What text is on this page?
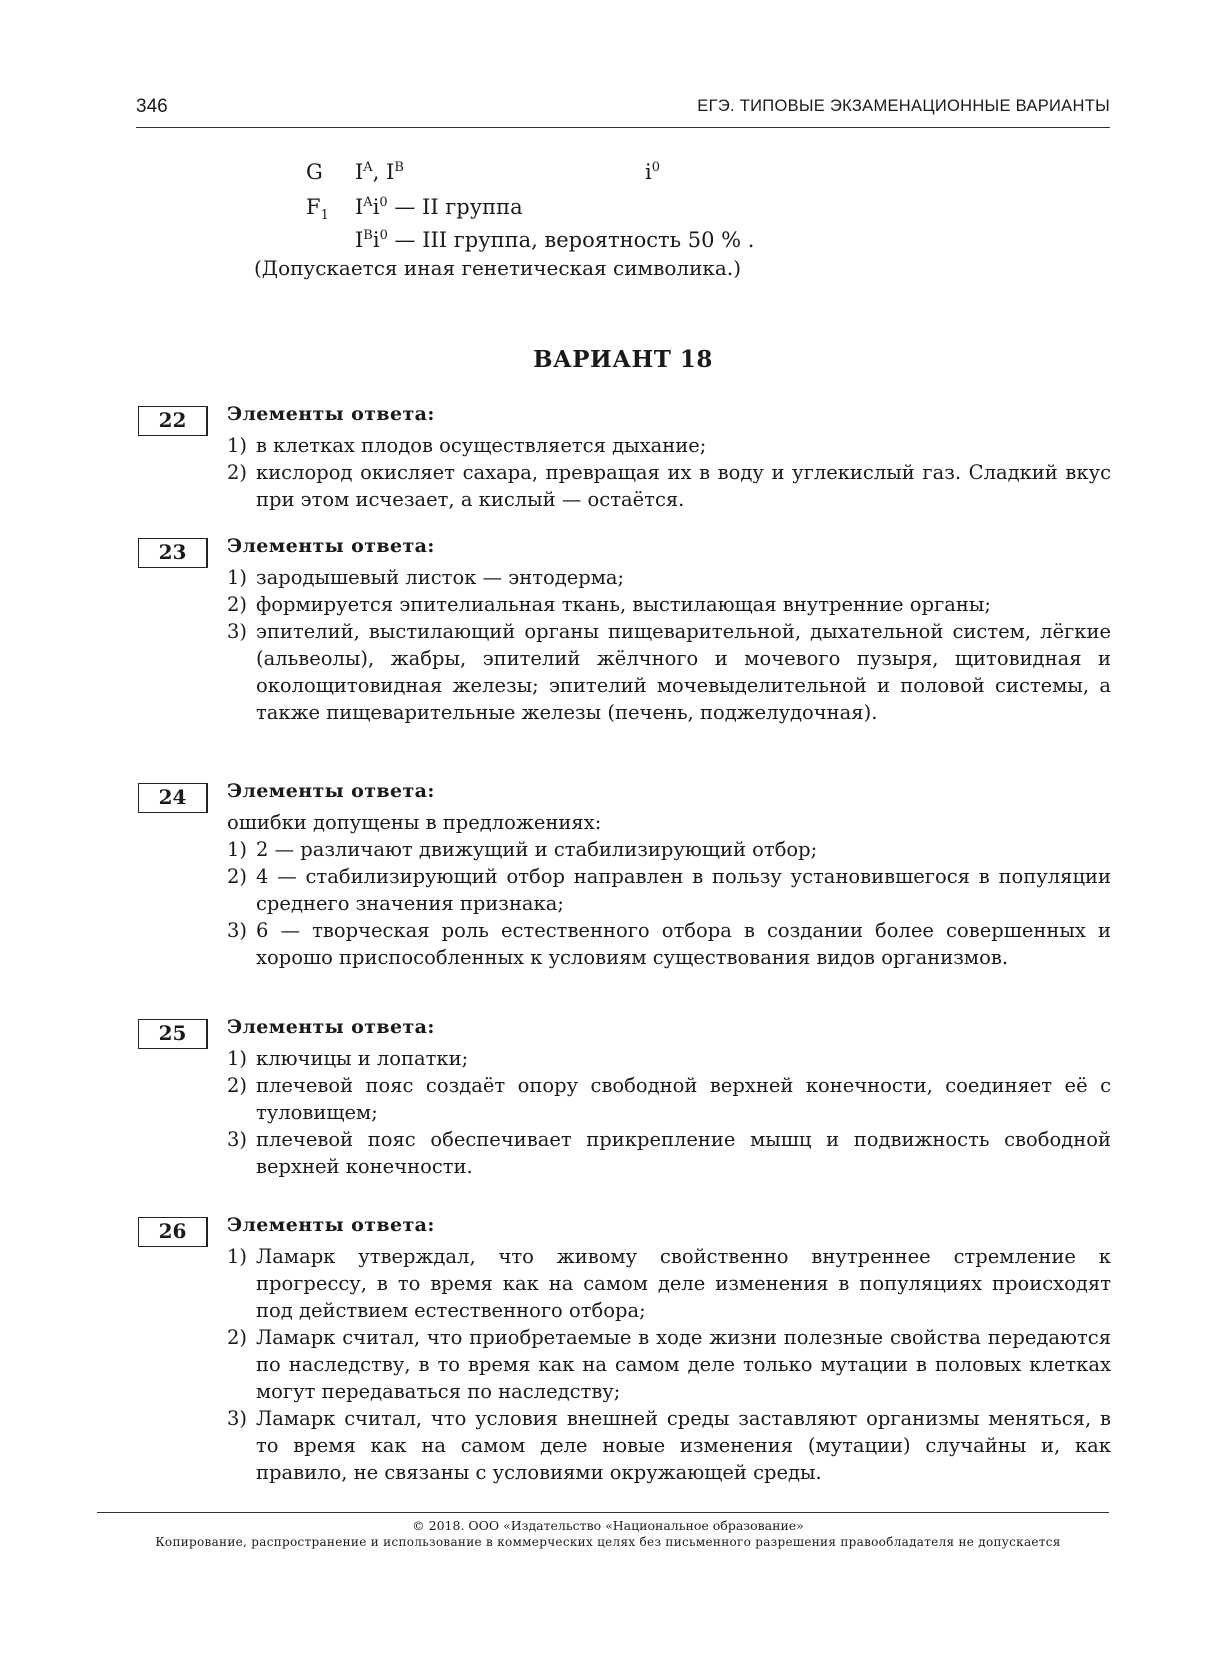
346	ЕГЭ. ТИПОВЫЕ ЭКЗАМЕНАЦИОННЫЕ ВАРИАНТЫ
G $I^A$, $I^B$	$i^0$
$F_1$ $I^Ai^0$ — II группа
$I^Bi^0$ — III группа, вероятность 50 % .
(Допускается иная генетическая символика.)
ВАРИАНТ 18
22	Элементы ответа:
1) в клетках плодов осуществляется дыхание;
2) кислород окисляет сахара, превращая их в воду и углекислый газ. Сладкий вкус при этом исчезает, а кислый — остаётся.
23	Элементы ответа:
1) зародышевый листок — энтодерма;
2) формируется эпителиальная ткань, выстилающая внутренние органы;
3) эпителий, выстилающий органы пищеварительной, дыхательной систем, лёгкие (альвеолы), жабры, эпителий жёлчного и мочевого пузыря, щитовидная и околощитовидная железы; эпителий мочевыделительной и половой системы, а также пищеварительные железы (печень, поджелудочная).
24	Элементы ответа:
ошибки допущены в предложениях:
1) 2 — различают движущий и стабилизирующий отбор;
2) 4 — стабилизирующий отбор направлен в пользу установившегося в популяции среднего значения признака;
3) 6 — творческая роль естественного отбора в создании более совершенных и хорошо приспособленных к условиям существования видов организмов.
25	Элементы ответа:
1) ключицы и лопатки;
2) плечевой пояс создаёт опору свободной верхней конечности, соединяет её с туловищем;
3) плечевой пояс обеспечивает прикрепление мышц и подвижность свободной верхней конечности.
26	Элементы ответа:
1) Ламарк утверждал, что живому свойственно внутреннее стремление к прогрессу, в то время как на самом деле изменения в популяциях происходят под действием естественного отбора;
2) Ламарк считал, что приобретаемые в ходе жизни полезные свойства передаются по наследству, в то время как на самом деле только мутации в половых клетках могут передаваться по наследству;
3) Ламарк считал, что условия внешней среды заставляют организмы меняться, в то время как на самом деле новые изменения (мутации) случайны и, как правило, не связаны с условиями окружающей среды.
© 2018. ООО «Издательство «Национальное образование»
Копирование, распространение и использование в коммерческих целях без письменного разрешения правообладателя не допускается
